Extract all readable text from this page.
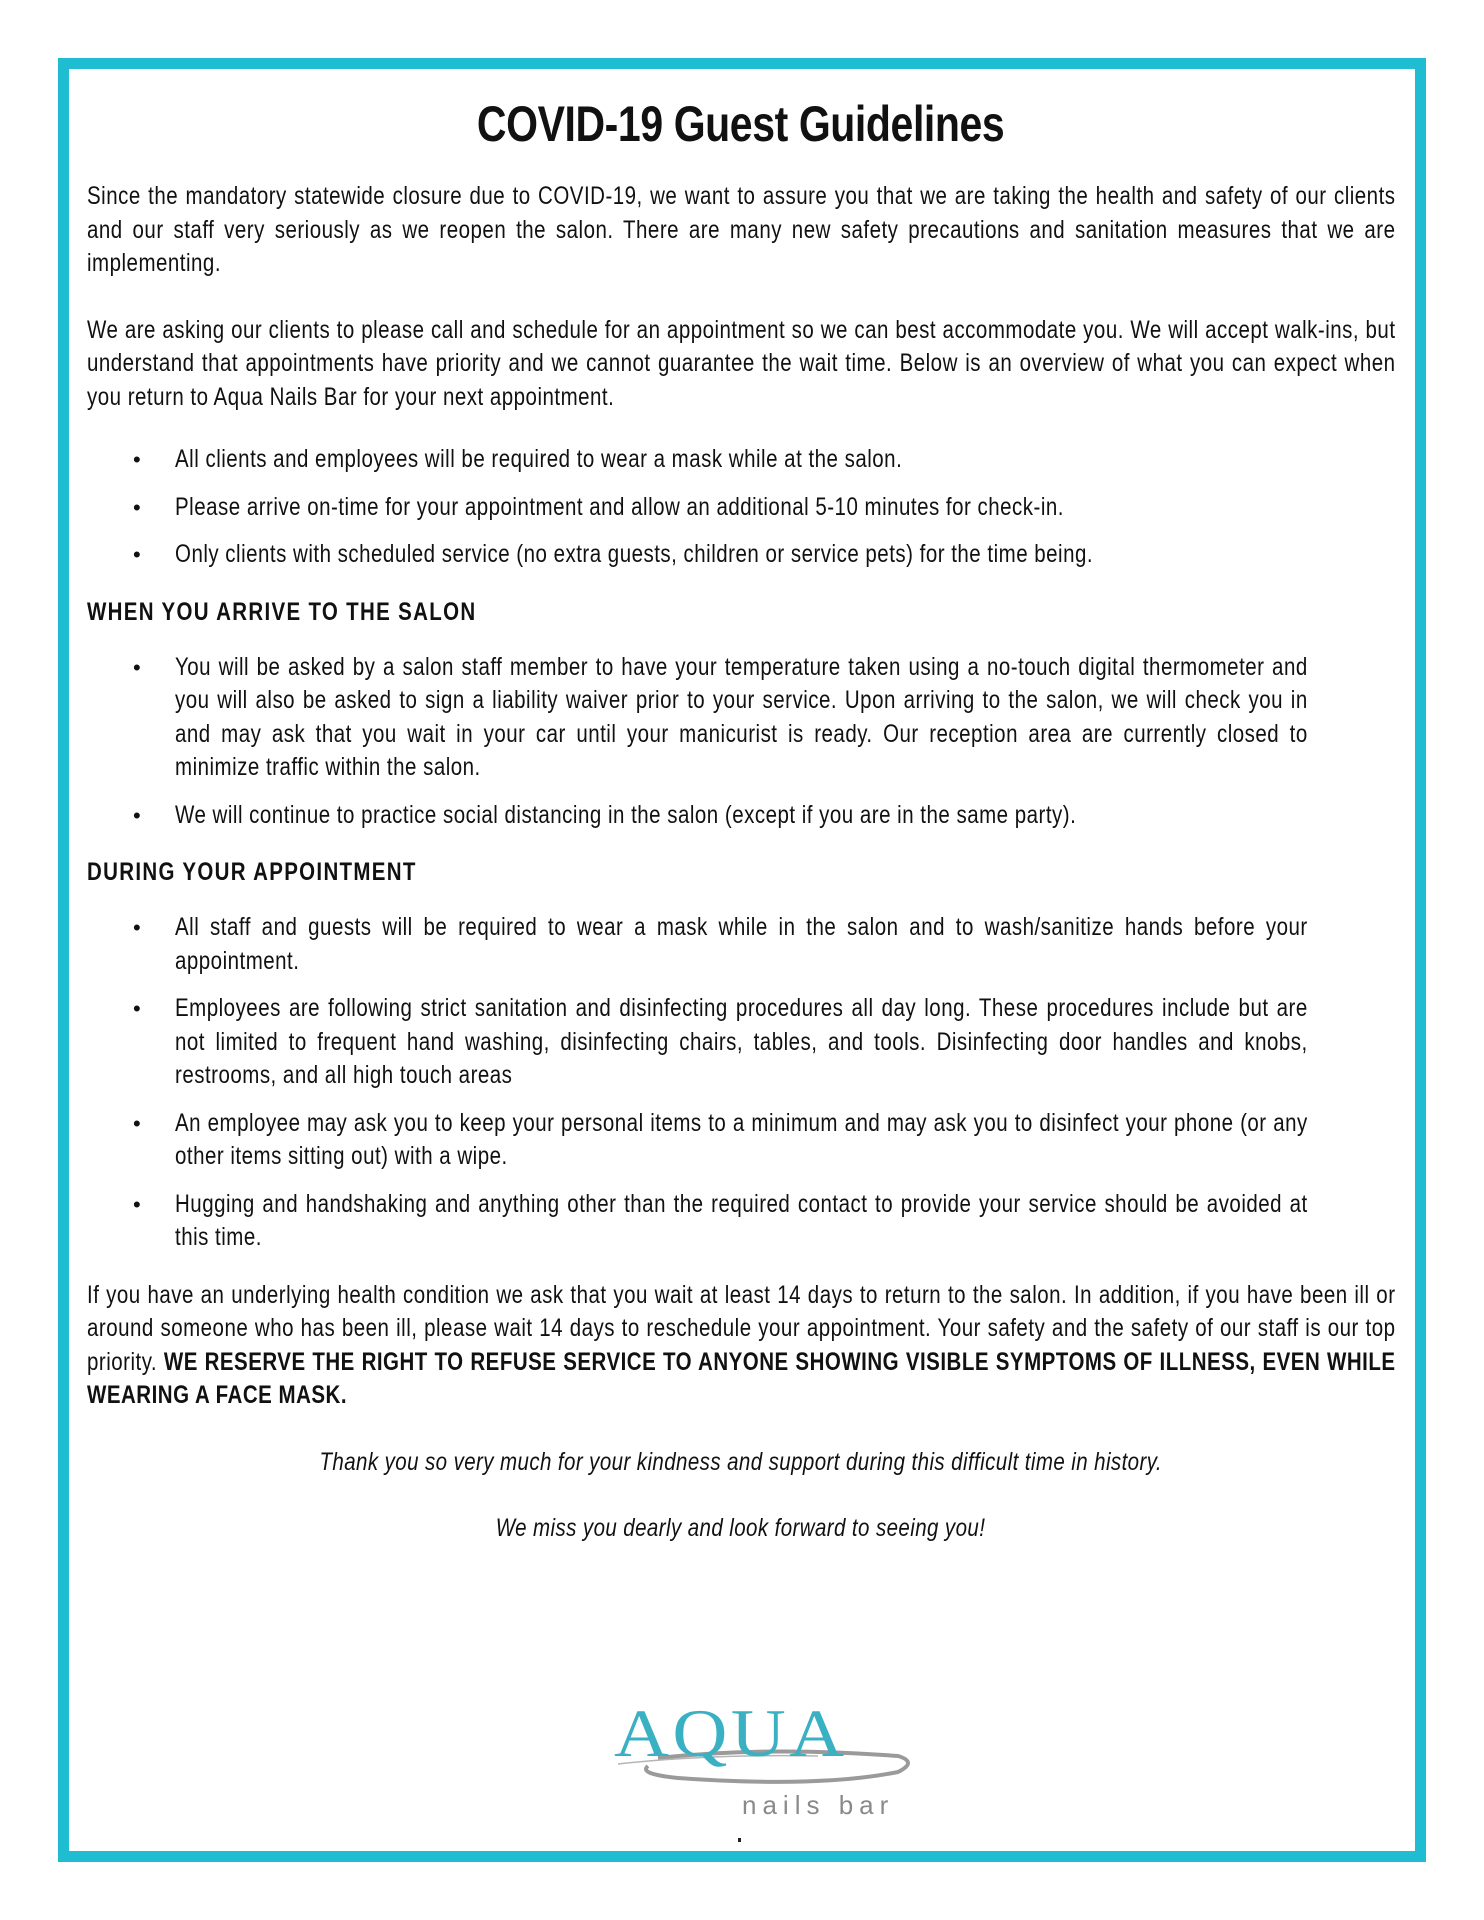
COVID-19 Guest Guidelines

Since the mandatory statewide closure due to COVID-19, we want to assure you that we are taking the health and safety of our clients and our staff very seriously as we reopen the salon. There are many new safety precautions and sanitation measures that we are implementing.

We are asking our clients to please call and schedule for an appointment so we can best accommodate you. We will accept walk-ins, but understand that appointments have priority and we cannot guarantee the wait time. Below is an overview of what you can expect when you return to Aqua Nails Bar for your next appointment.

• All clients and employees will be required to wear a mask while at the salon.
• Please arrive on-time for your appointment and allow an additional 5-10 minutes for check-in.
• Only clients with scheduled service (no extra guests, children or service pets) for the time being.
WHEN YOU ARRIVE TO THE SALON
• You will be asked by a salon staff member to have your temperature taken using a no-touch digital thermometer and you will also be asked to sign a liability waiver prior to your service. Upon arriving to the salon, we will check you in and may ask that you wait in your car until your manicurist is ready. Our reception area are currently closed to minimize traffic within the salon.
• We will continue to practice social distancing in the salon (except if you are in the same party).
DURING YOUR APPOINTMENT
• All staff and guests will be required to wear a mask while in the salon and to wash/sanitize hands before your appointment.
• Employees are following strict sanitation and disinfecting procedures all day long. These procedures include but are not limited to frequent hand washing, disinfecting chairs, tables, and tools. Disinfecting door handles and knobs, restrooms, and all high touch areas
• An employee may ask you to keep your personal items to a minimum and may ask you to disinfect your phone (or any other items sitting out) with a wipe.
• Hugging and handshaking and anything other than the required contact to provide your service should be avoided at this time.

If you have an underlying health condition we ask that you wait at least 14 days to return to the salon. In addition, if you have been ill or around someone who has been ill, please wait 14 days to reschedule your appointment. Your safety and the safety of our staff is our top priority. WE RESERVE THE RIGHT TO REFUSE SERVICE TO ANYONE SHOWING VISIBLE SYMPTOMS OF ILLNESS, EVEN WHILE WEARING A FACE MASK.

Thank you so very much for your kindness and support during this difficult time in history.

We miss you dearly and look forward to seeing you!

AQUA
nails bar
